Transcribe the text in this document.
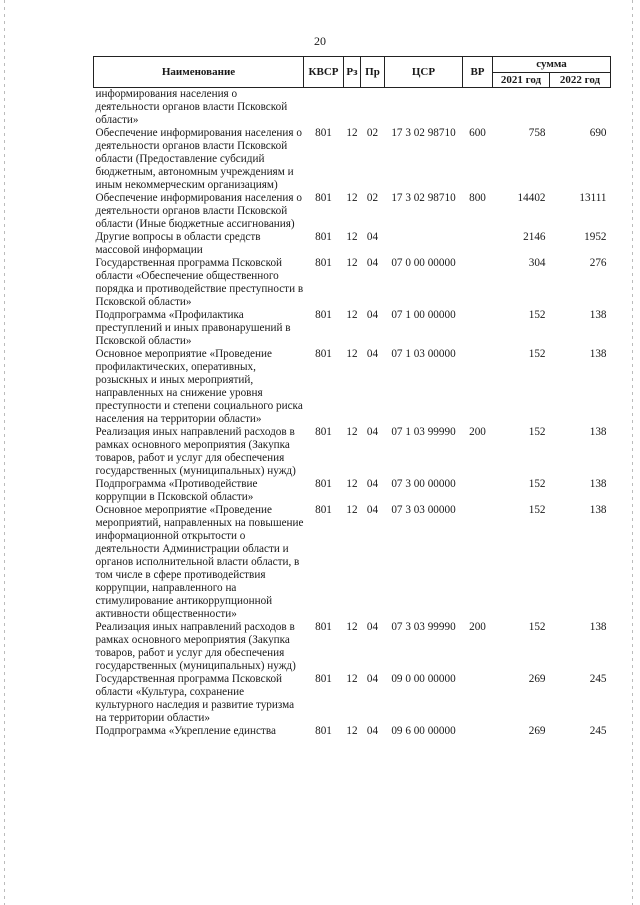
20
Наименование	КВСР	Рз	Пр	ЦСР	ВР	сумма	
						2021 год	2022 год
информирования населения о деятельности органов власти Псковской области»							
Обеспечение информирования населения о деятельности органов власти Псковской области (Предоставление субсидий бюджетным, автономным учреждениям и иным некоммерческим организациям)	801	12	02	17 3 02 98710	600	758	690
Обеспечение информирования населения о деятельности органов власти Псковской области (Иные бюджетные ассигнования)	801	12	02	17 3 02 98710	800	14402	13111
Другие вопросы в области средств массовой информации	801	12	04			2146	1952
Государственная программа Псковской области «Обеспечение общественного порядка и противодействие преступности в Псковской области»	801	12	04	07 0 00 00000		304	276
Подпрограмма «Профилактика преступлений и иных правонарушений в Псковской области»	801	12	04	07 1 00 00000		152	138
Основное мероприятие «Проведение профилактических, оперативных, розыскных и иных мероприятий, направленных на снижение уровня преступности и степени социального риска населения на территории области»	801	12	04	07 1 03 00000		152	138
Реализация иных направлений расходов в рамках основного мероприятия (Закупка товаров, работ и услуг для обеспечения государственных (муниципальных) нужд)	801	12	04	07 1 03 99990	200	152	138
Подпрограмма «Противодействие коррупции в Псковской области»	801	12	04	07 3 00 00000		152	138
Основное мероприятие «Проведение мероприятий, направленных на повышение информационной открытости о деятельности Администрации области и органов исполнительной власти области, в том числе в сфере противодействия коррупции, направленного на стимулирование антикоррупционной активности общественности»	801	12	04	07 3 03 00000		152	138
Реализация иных направлений расходов в рамках основного мероприятия (Закупка товаров, работ и услуг для обеспечения государственных (муниципальных) нужд)	801	12	04	07 3 03 99990	200	152	138
Государственная программа Псковской области «Культура, сохранение культурного наследия и развитие туризма на территории области»	801	12	04	09 0 00 00000		269	245
Подпрограмма «Укрепление единства	801	12	04	09 6 00 00000		269	245
